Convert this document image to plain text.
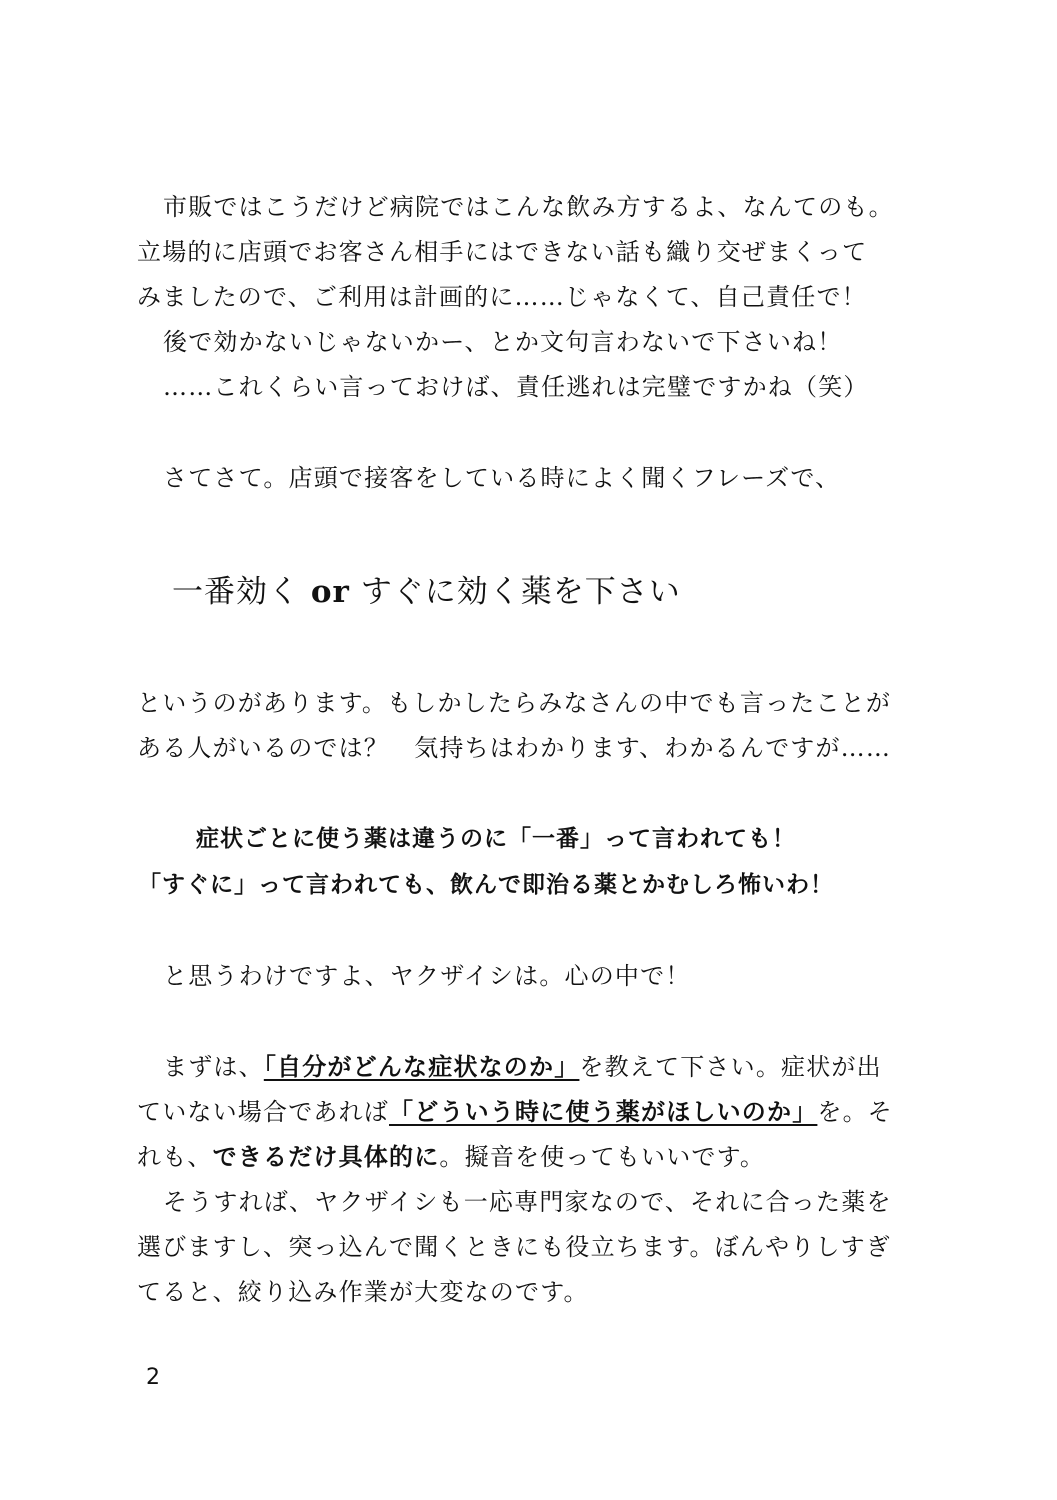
市販ではこうだけど病院ではこんな飲み方するよ、なんてのも。
立場的に店頭でお客さん相手にはできない話も織り交ぜまくって
みましたので、ご利用は計画的に……じゃなくて、自己責任で！
後で効かないじゃないかー、とか文句言わないで下さいね！
……これくらい言っておけば、責任逃れは完璧ですかね（笑）
さてさて。店頭で接客をしている時によく聞くフレーズで、
一番効く or すぐに効く薬を下さい
というのがあります。もしかしたらみなさんの中でも言ったことが
ある人がいるのでは？　気持ちはわかります、わかるんですが……
症状ごとに使う薬は違うのに「一番」って言われても！
「すぐに」って言われても、飲んで即治る薬とかむしろ怖いわ！
と思うわけですよ、ヤクザイシは。心の中で！
まずは、「自分がどんな症状なのか」を教えて下さい。症状が出
ていない場合であれば「どういう時に使う薬がほしいのか」を。そ
れも、できるだけ具体的に。擬音を使ってもいいです。
そうすれば、ヤクザイシも一応専門家なので、それに合った薬を
選びますし、突っ込んで聞くときにも役立ちます。ぼんやりしすぎ
てると、絞り込み作業が大変なのです。
2
